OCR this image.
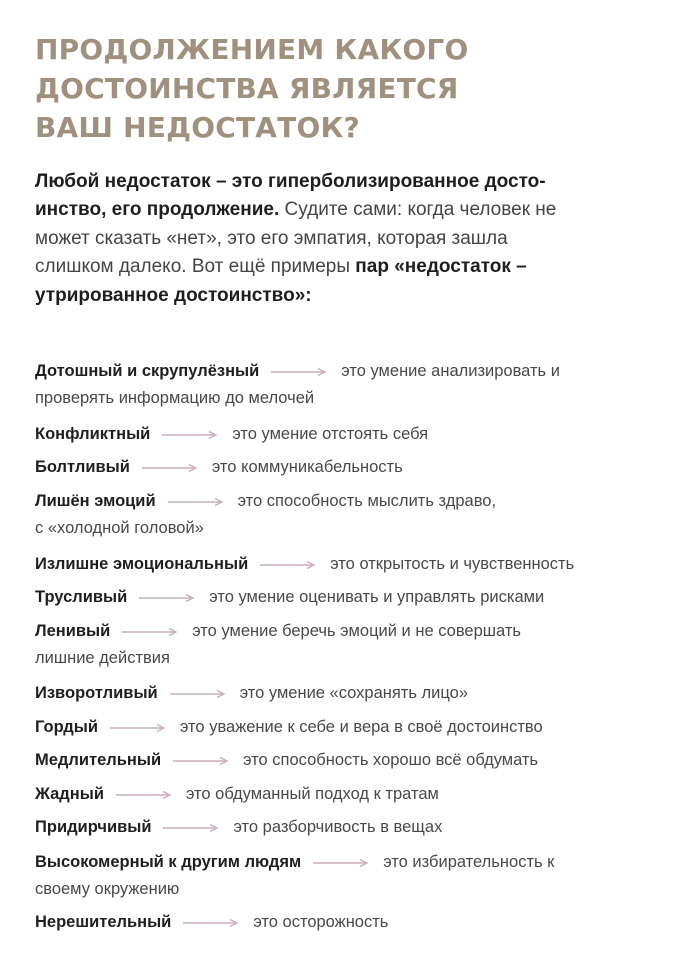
ПРОДОЛЖЕНИЕМ КАКОГО
ДОСТОИНСТВА ЯВЛЯЕТСЯ
ВАШ НЕДОСТАТОК?

Любой недостаток – это гиперболизированное досто-
инство, его продолжение. Судите сами: когда человек не
может сказать «нет», это его эмпатия, которая зашла
слишком далеко. Вот ещё примеры пар «недостаток –
утрированное достоинство»:

Дотошный и скрупулёзный	это умение анализировать и
проверять информацию до мелочей
Конфликтный	это умение отстоять себя
Болтливый	это коммуникабельность
Лишён эмоций	это способность мыслить здраво,
с «холодной головой»
Излишне эмоциональный	это открытость и чувственность
Трусливый	это умение оценивать и управлять рисками
Ленивый	это умение беречь эмоций и не совершать
лишние действия
Изворотливый	это умение «сохранять лицо»
Гордый	это уважение к себе и вера в своё достоинство
Медлительный	это способность хорошо всё обдумать
Жадный	это обдуманный подход к тратам
Придирчивый	это разборчивость в вещах
Высокомерный к другим людям	это избирательность к
своему окружению
Нерешительный	это осторожность
